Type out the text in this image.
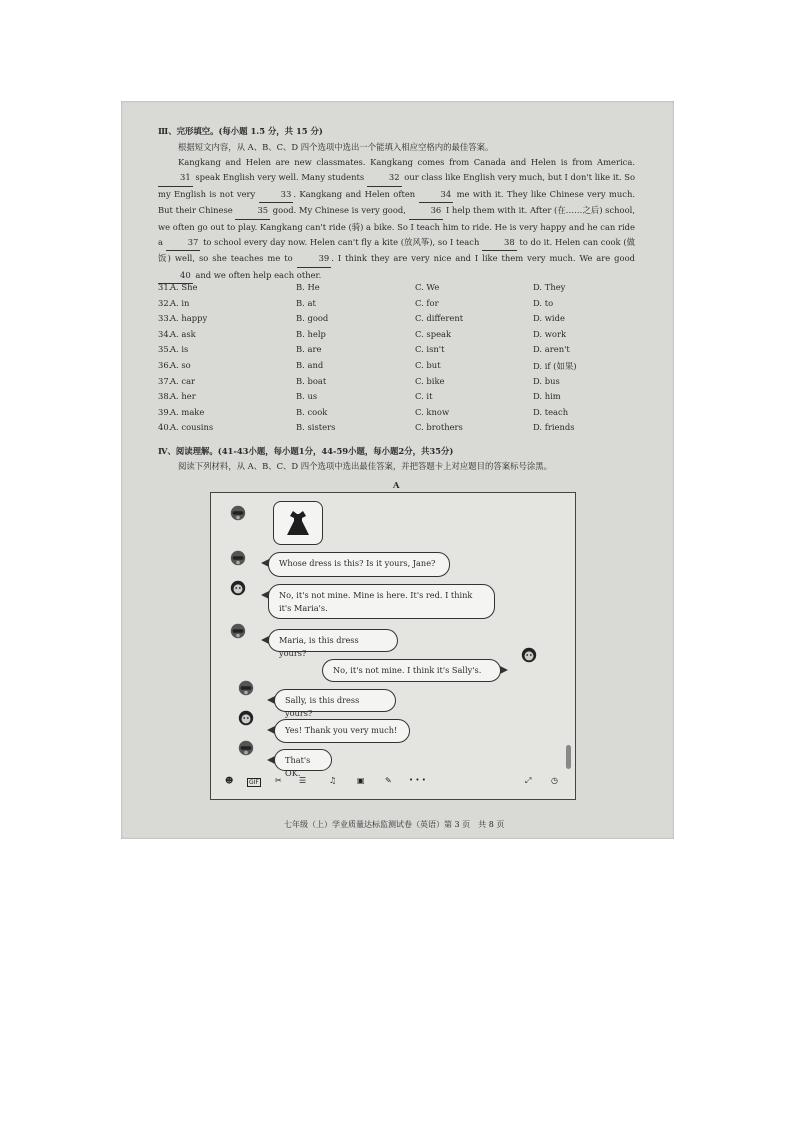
Ⅲ、完形填空。(每小题 1.5 分，共 15 分)
根据短文内容，从 A、B、C、D 四个选项中选出一个能填入相应空格内的最佳答案。
Kangkang and Helen are new classmates. Kangkang comes from Canada and Helen is from America. 31 speak English very well. Many students	32 our class like English very much, but I don't like it. So my English is not very	33 . Kangkang and Helen often	34 me with it. They like Chinese very much. But their Chinese	35 good. My Chinese is very good,	36 I help them with it. After (在……之后) school, we often go out to play. Kangkang can't ride (骑) a bike. So I teach him to ride. He is very happy and he can ride a	37 to school every day now. Helen can't fly a kite (放风筝), so I teach	38 to do it. Helen can cook (做饭) well, so she teaches me to	39 . I think they are very nice and I like them very much. We are good 40 and we often help each other.
31.
A. She	B. He	C. We	D. They
32.
A. in	B. at	C. for	D. to
33.
A. happy	B. good	C. different	D. wide
34.
A. ask	B. help	C. speak	D. work
35.
A. is	B. are	C. isn't	D. aren't
36.
A. so	B. and	C. but	D. if (如果)
37.
A. car	B. boat	C. bike	D. bus
38.
A. her	B. us	C. it	D. him
39.
A. make	B. cook	C. know	D. teach
40.
A. cousins	B. sisters	C. brothers	D. friends
Ⅳ、阅读理解。(41-43小题，每小题1分，44-59小题，每小题2分，共35分)
阅读下列材料，从 A、B、C、D 四个选项中选出最佳答案，并把答题卡上对应题目的答案标号涂黑。
A
Whose dress is this? Is it yours, Jane?
No, it's not mine. Mine is here. It's red. I think it's Maria's.
Maria, is this dress yours?
No, it's not mine. I think it's Sally's.
Sally, is this dress yours?
Yes! Thank you very much!
That's OK.
☻	GIF ✂ ☰	♫	▣	✎ • • •	⤢ ◷
七年级（上）学业质量达标监测试卷（英语）第 3 页　共 8 页
